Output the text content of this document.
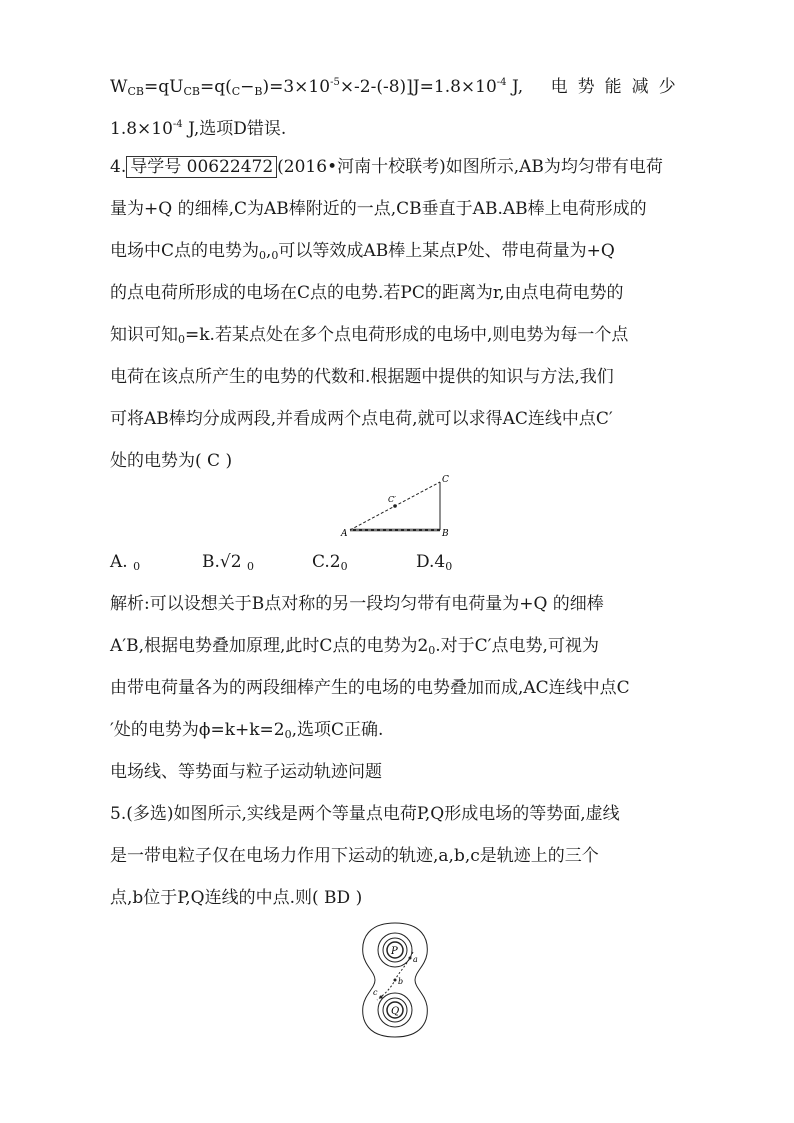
$W_{CB}=qU_{CB}=q(_C-_B)=3\times 10^{-5}\times-2-(-8)]J=1.8\times 10^{-4}$ J, 电势能减少
$1.8\times 10^{-4}$ J,选项D错误.
4. 导学号 00622472 (2016•河南十校联考)如图所示,AB为均匀带有电荷
量为+Q 的细棒,C为AB棒附近的一点,CB垂直于AB.AB棒上电荷形成的
电场中C点的电势为$_0,_0$可以等效成AB棒上某点P处、带电荷量为+Q
的点电荷所形成的电场在C点的电势.若PC的距离为r,由点电荷电势的
知识可知$_0$=k.若某点处在多个点电荷形成的电场中,则电势为每一个点
电荷在该点所产生的电势的代数和.根据题中提供的知识与方法,我们
可将AB棒均分成两段,并看成两个点电荷,就可以求得AC连线中点C′
处的电势为( C )
A	B
C
C′
A. $_0$	B.√2 $_0$	$C.2_0$	$D.4_0$
解析:可以设想关于B点对称的另一段均匀带有电荷量为+Q 的细棒
A′B,根据电势叠加原理,此时C点的电势为$2_0$.对于C′点电势,可视为
由带电荷量各为的两段细棒产生的电场的电势叠加而成,AC连线中点C
′处的电势为$\phi=k+k=2_0$,选项C正确.
电场线、等势面与粒子运动轨迹问题
5.(多选)如图所示,实线是两个等量点电荷P,Q形成电场的等势面,虚线
是一带电粒子仅在电场力作用下运动的轨迹,a,b,c是轨迹上的三个
点,b位于P,Q连线的中点.则( BD )
P
Q
a
b
c
